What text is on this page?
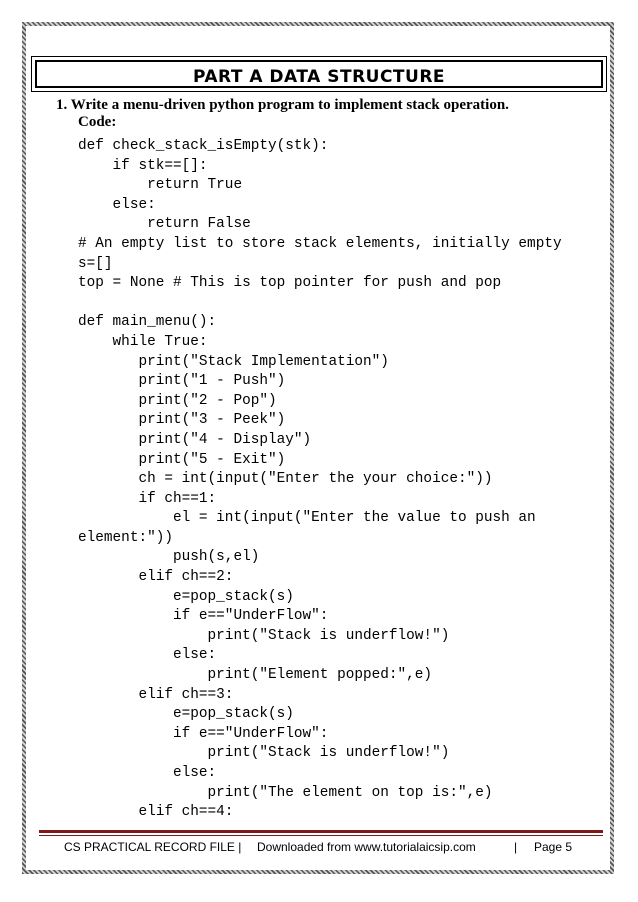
PART A DATA STRUCTURE
1. Write a menu-driven python program to implement stack operation.
Code:
def check_stack_isEmpty(stk):
if stk==[]:
return True
else:
return False
# An empty list to store stack elements, initially empty
s=[]
top = None # This is top pointer for push and pop
def main_menu():
while True:
print("Stack Implementation")
print("1 - Push")
print("2 - Pop")
print("3 - Peek")
print("4 - Display")
print("5 - Exit")
ch = int(input("Enter the your choice:"))
if ch==1:
el = int(input("Enter the value to push an
element:"))
push(s,el)
elif ch==2:
e=pop_stack(s)
if e=="UnderFlow":
print("Stack is underflow!")
else:
print("Element popped:",e)
elif ch==3:
e=pop_stack(s)
if e=="UnderFlow":
print("Stack is underflow!")
else:
print("The element on top is:",e)
elif ch==4:
CS PRACTICAL RECORD FILE | Downloaded from www.tutorialaicsip.com	| Page 5
